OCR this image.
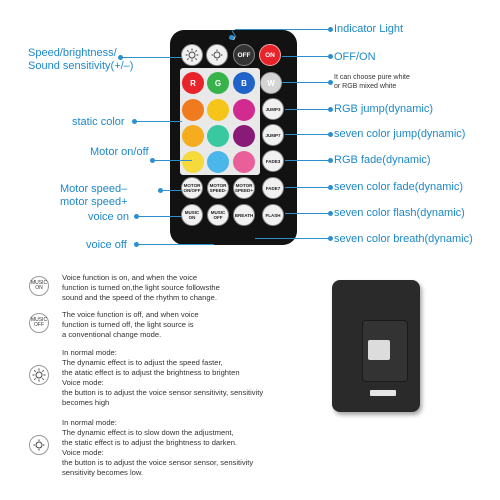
OFF ON
R G	B	W
JUMP3
JUMP7
FADE3
FADE7
FLASH
MOTOR ON/OFF
MOTOR SPEED-
MOTOR SPEED+
MUSIC ON
MUSIC OFF	BREATH
Indicator Light
Speed/brightness/
Sound sensitivity(+/–)
OFF/ON
It can choose pure white
or RGB mixed white
static color
RGB jump(dynamic)
seven color jump(dynamic)
Motor on/off
RGB fade(dynamic)
Motor speed–
motor speed+
seven color fade(dynamic)
voice on	seven color flash(dynamic)
voice off	seven color breath(dynamic)
MUSIC ON
Voice function is on, and when the voice
function is turned on,the light source followsthe
sound and the speed of the rhythm to change.
MUSIC OFF
The voice function is off, and when voice
function is turned off, the light source is
a conventional change mode.
In normal mode:
The dynamic effect is to adjust the speed faster,
the atatic effect is to adjust the brightness to brighten
Voice mode:
the button is to adjust the voice sensor sensitivity, sensitivity
becomes high
In normal mode:
The dynamic effect is to slow down the adjustment,
the static effect is to adjust the brightness to darken.
Voice mode:
the button is to adjust the voice sensor sensor, sensitivity
sensitivity becomes low.
